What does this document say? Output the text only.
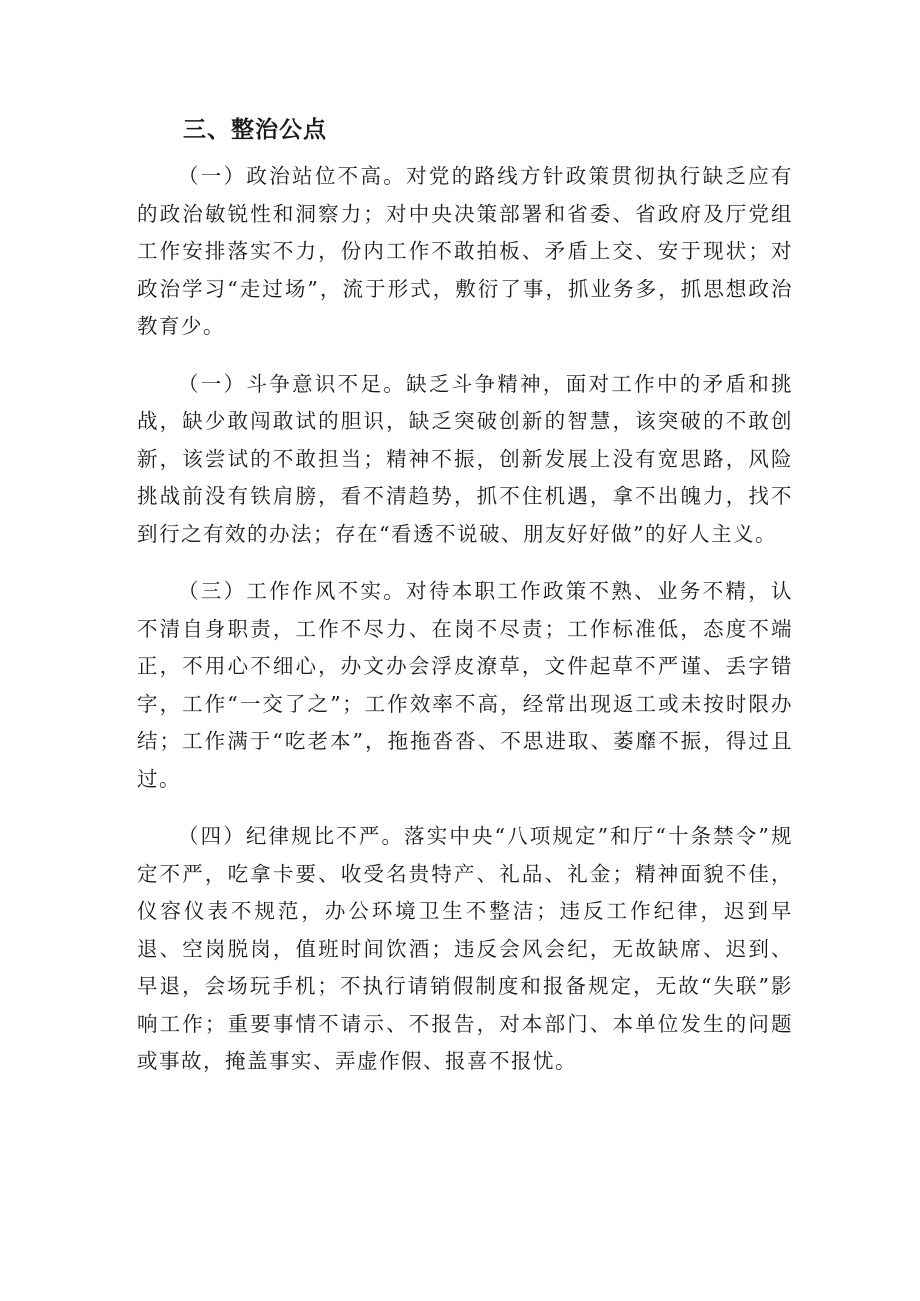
三、整治公点

（一）政治站位不高。对党的路线方针政策贯彻执行缺乏应有的政治敏锐性和洞察力；对中央决策部署和省委、省政府及厅党组工作安排落实不力，份内工作不敢拍板、矛盾上交、安于现状；对政治学习“走过场”，流于形式，敷衍了事，抓业务多，抓思想政治教育少。

（一）斗争意识不足。缺乏斗争精神，面对工作中的矛盾和挑战，缺少敢闯敢试的胆识，缺乏突破创新的智慧，该突破的不敢创新，该尝试的不敢担当；精神不振，创新发展上没有宽思路，风险挑战前没有铁肩膀，看不清趋势，抓不住机遇，拿不出魄力，找不到行之有效的办法；存在“看透不说破、朋友好好做”的好人主义。

（三）工作作风不实。对待本职工作政策不熟、业务不精，认不清自身职责，工作不尽力、在岗不尽责；工作标准低，态度不端正，不用心不细心，办文办会浮皮潦草，文件起草不严谨、丢字错字，工作“一交了之”；工作效率不高，经常出现返工或未按时限办结；工作满于“吃老本”，拖拖沓沓、不思进取、萎靡不振，得过且过。

（四）纪律规比不严。落实中央“八项规定”和厅“十条禁令”规定不严，吃拿卡要、收受名贵特产、礼品、礼金；精神面貌不佳，仪容仪表不规范，办公环境卫生不整洁；违反工作纪律，迟到早退、空岗脱岗，值班时间饮酒；违反会风会纪，无故缺席、迟到、早退，会场玩手机；不执行请销假制度和报备规定，无故“失联”影响工作；重要事情不请示、不报告，对本部门、本单位发生的问题或事故，掩盖事实、弄虚作假、报喜不报忧。
